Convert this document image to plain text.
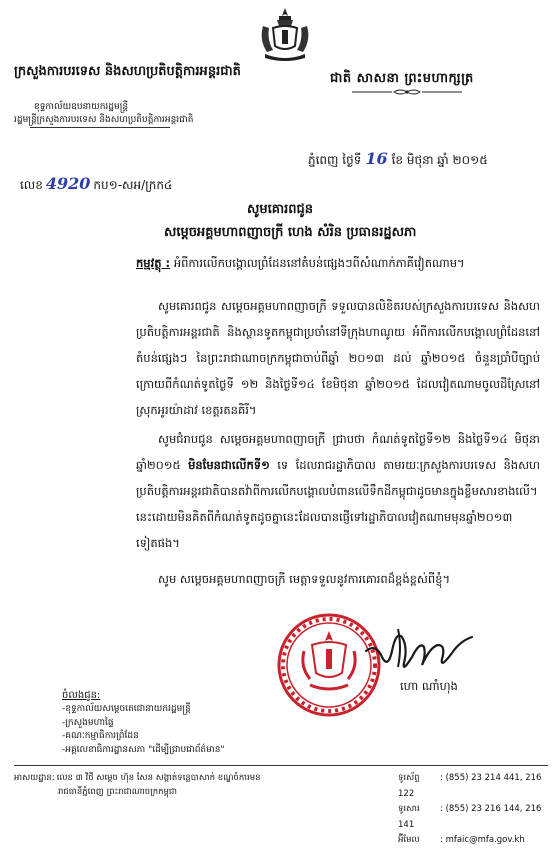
ជាតិ សាសនា ព្រះមហាក្សត្រ
ក្រសួងការបរទេស និងសហប្រតិបត្តិការអន្តរជាតិ
ខុទ្ទកាល័យឧបនាយករដ្ឋមន្ត្រី
រដ្ឋមន្ត្រីក្រសួងការបរទេស និងសហប្រតិបត្តិការអន្តរជាតិ
ភ្នំពេញ ថ្ងៃទី 16 ខែ មិថុនា ឆ្នាំ ២០១៥
លេខ 4920 កប១-សអ/ក្រក៤
សូមគោរពជូន
សម្តេចអគ្គមហាពញាចក្រី ហេង សំរិន ប្រធានរដ្ឋសភា
កម្មវត្ថុ : អំពីការលើកបង្គោលព្រំដែននៅតំបន់ផ្សេងៗពីសំណាក់ភាគីវៀតណាម។
សូមគោរពជូន សម្តេចអគ្គមហាពញាចក្រី ទទួលបានលិខិតរបស់ក្រសួងការបរទេស និងសហប្រតិបត្តិការអន្តរជាតិ និងស្ថានទូតកម្ពុជាប្រចាំនៅទីក្រុងហាណូយ អំពីការលើកបង្គោលព្រំដែននៅតំបន់ផ្សេងៗ នៃព្រះរាជាណាចក្រកម្ពុជាចាប់ពីឆ្នាំ ២០១៣ ដល់ ឆ្នាំ២០១៥ ចំនួនប្រាំបីច្បាប់ ក្រោយពីកំណត់ទូតថ្ងៃទី ១២ និងថ្ងៃទី១៤ ខែមិថុនា ឆ្នាំ២០១៥ ដែលវៀតណាមចូលដីស្រែនៅស្រុកអូរយ៉ាដាវ ខេត្តរតនគិរី។
សូមជំរាបជូន សម្តេចអគ្គមហាពញាចក្រី ជ្រាបថា កំណត់ទូតថ្ងៃទី១២ និងថ្ងៃទី១៤ មិថុនា ឆ្នាំ២០១៥ មិនមែនជាលើកទី១ ទេ ដែលរាជរដ្ឋាភិបាល តាមរយៈក្រសួងការបរទេស និងសហប្រតិបត្តិការអន្តរជាតិបានតវ៉ាពីការលើកបង្គោលបំពានលើទឹកដីកម្ពុជាដូចមានក្នុងខ្លឹមសារខាងលើ។ នេះដោយមិនគិតពីកំណត់ទូតដូចគ្នានេះដែលបានផ្ញើទៅរដ្ឋាភិបាលវៀតណាមមុនឆ្នាំ២០១៣ ទៀតផង។
សូម សម្តេចអគ្គមហាពញាចក្រី មេត្តាទទួលនូវការគោរពដ៏ខ្ពង់ខ្ពស់ពីខ្ញុំ។
ហោ ណាំហុង
ចំលងជូន:
-ខុទ្ទកាល័យសម្តេចតេជោនាយករដ្ឋមន្ត្រី
-ក្រសួងមហាផ្ទៃ
-គណៈកម្មាធិការព្រំដែន
-អគ្គលេខាធិការដ្ឋានសភា "ដើម្បីជ្រាបជាព័ត៌មាន"
អាសយដ្ឋាន: លេខ ៣ វិថី សម្តេច ហ៊ុន សែន សង្កាត់ទន្លេបាសាក់ ខណ្ឌចំការមន
រាជធានីភ្នំពេញ ព្រះរាជាណាចក្រកម្ពុជា
ទូរស័ព្ទ : (855) 23 214 441, 216 122
ទូរសារ : (855) 23 216 144, 216 141
អ៊ីមែល : mfaic@mfa.gov.kh
